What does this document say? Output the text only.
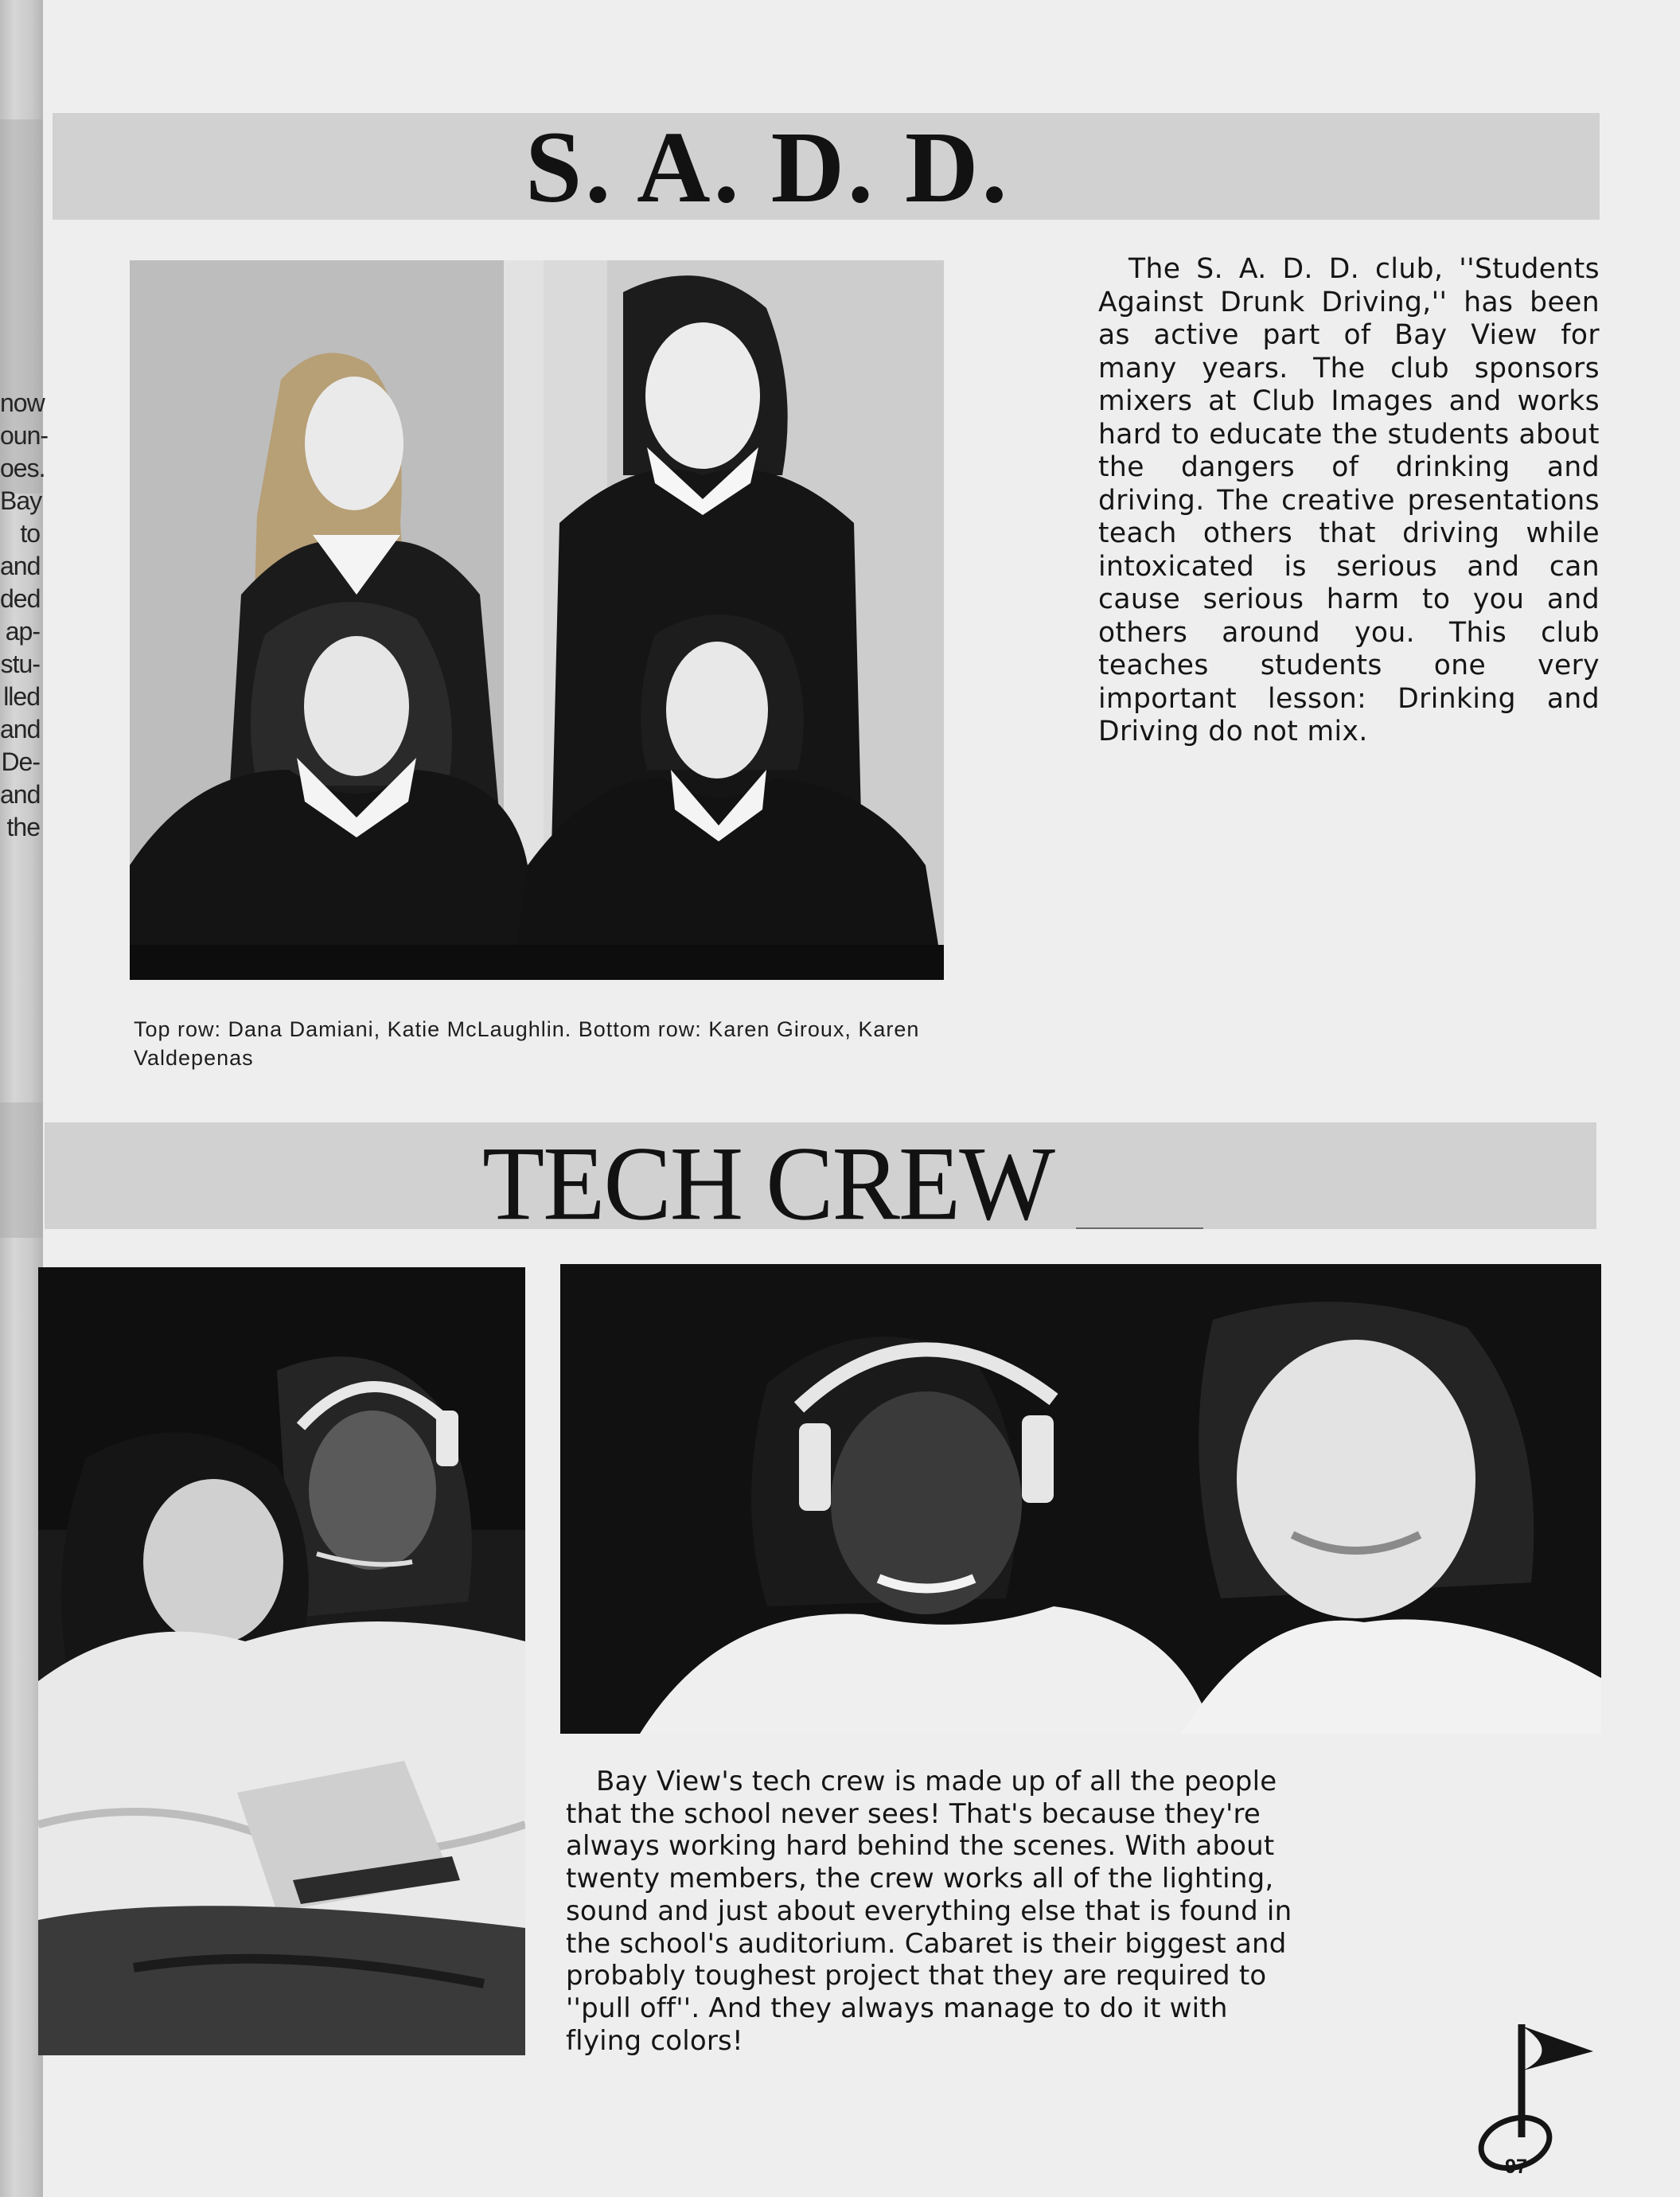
now
oun-
oes.
Bay
to
and
ded
ap-
stu-
lled
and
De-
and
the
S. A. D. D.
Top row: Dana Damiani, Katie McLaughlin. Bottom row: Karen Giroux, Karen Valdepenas

The S. A. D. D. club, ''Students Against Drunk Driving,'' has been as active part of Bay View for many years. The club sponsors mixers at Club Images and works hard to educate the students about the dangers of drinking and driving. The creative presentations teach others that driving while intoxicated is serious and can cause serious harm to you and others around you. This club teaches students one very important lesson: Drinking and Driving do not mix.

TECH CREW

Bay View's tech crew is made up of all the people that the school never sees! That's because they're always working hard behind the scenes. With about twenty members, the crew works all of the lighting, sound and just about everything else that is found in the school's auditorium. Cabaret is their biggest and probably toughest project that they are required to ''pull off''. And they always manage to do it with flying colors!

97
